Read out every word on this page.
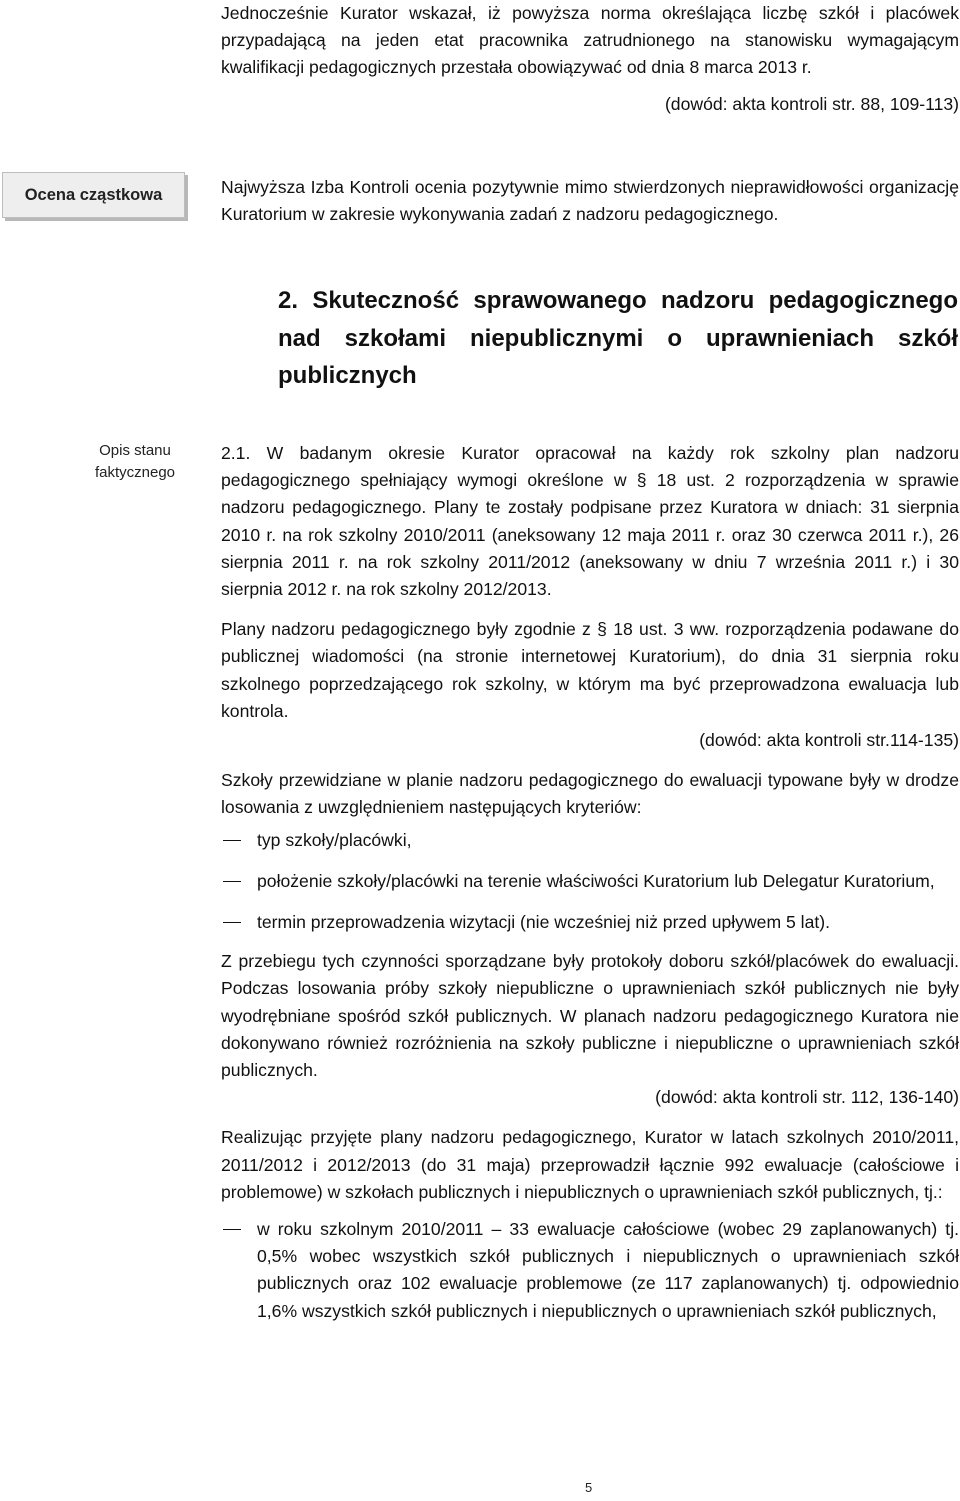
Jednocześnie Kurator wskazał, iż powyższa norma określająca liczbę szkół i placówek przypadającą na jeden etat pracownika zatrudnionego na stanowisku wymagającym kwalifikacji pedagogicznych przestała obowiązywać od dnia 8 marca 2013 r.

(dowód: akta kontroli str. 88, 109-113)

Ocena cząstkowa	Najwyższa Izba Kontroli ocenia pozytywnie mimo stwierdzonych nieprawidłowości organizację Kuratorium w zakresie wykonywania zadań z nadzoru pedagogicznego.

2. Skuteczność sprawowanego nadzoru pedagogicznego nad szkołami niepublicznymi o uprawnieniach szkół publicznych
Opis stanu faktycznego

2.1. W badanym okresie Kurator opracował na każdy rok szkolny plan nadzoru pedagogicznego spełniający wymogi określone w § 18 ust. 2 rozporządzenia w sprawie nadzoru pedagogicznego. Plany te zostały podpisane przez Kuratora w dniach: 31 sierpnia 2010 r. na rok szkolny 2010/2011 (aneksowany 12 maja 2011 r. oraz 30 czerwca 2011 r.), 26 sierpnia 2011 r. na rok szkolny 2011/2012 (aneksowany w dniu 7 września 2011 r.) i 30 sierpnia 2012 r. na rok szkolny 2012/2013.

Plany nadzoru pedagogicznego były zgodnie z § 18 ust. 3 ww. rozporządzenia podawane do publicznej wiadomości (na stronie internetowej Kuratorium), do dnia 31 sierpnia roku szkolnego poprzedzającego rok szkolny, w którym ma być przeprowadzona ewaluacja lub kontrola.

(dowód: akta kontroli str.114-135)

Szkoły przewidziane w planie nadzoru pedagogicznego do ewaluacji typowane były w drodze losowania z uwzględnieniem następujących kryteriów:

typ szkoły/placówki,
położenie szkoły/placówki na terenie właściwości Kuratorium lub Delegatur Kuratorium,
termin przeprowadzenia wizytacji (nie wcześniej niż przed upływem 5 lat).

Z przebiegu tych czynności sporządzane były protokoły doboru szkół/placówek do ewaluacji. Podczas losowania próby szkoły niepubliczne o uprawnieniach szkół publicznych nie były wyodrębniane spośród szkół publicznych. W planach nadzoru pedagogicznego Kuratora nie dokonywano również rozróżnienia na szkoły publiczne i niepubliczne o uprawnieniach szkół publicznych.

(dowód: akta kontroli str. 112, 136-140)

Realizując przyjęte plany nadzoru pedagogicznego, Kurator w latach szkolnych 2010/2011, 2011/2012 i 2012/2013 (do 31 maja) przeprowadził łącznie 992 ewaluacje (całościowe i problemowe) w szkołach publicznych i niepublicznych o uprawnieniach szkół publicznych, tj.:

w roku szkolnym 2010/2011 – 33 ewaluacje całościowe (wobec 29 zaplanowanych) tj. 0,5% wobec wszystkich szkół publicznych i niepublicznych o uprawnieniach szkół publicznych oraz 102 ewaluacje problemowe (ze 117 zaplanowanych) tj. odpowiednio 1,6% wszystkich szkół publicznych i niepublicznych o uprawnieniach szkół publicznych,
5
